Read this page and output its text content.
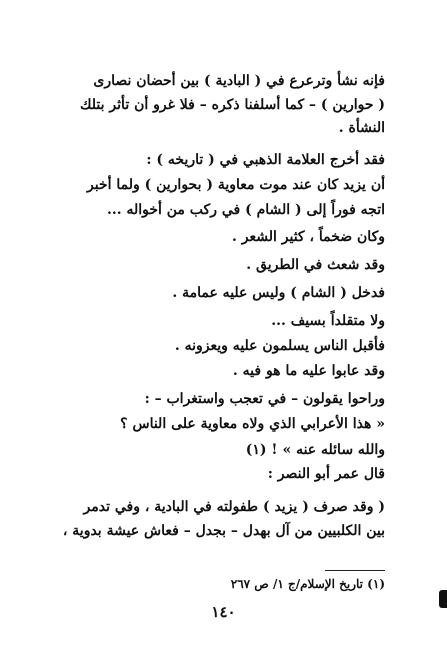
فإنه نشأ وترعرع في ( البادية ) بين أحضان نصارى
( حوارين ) – كما أسلفنا ذكره – فلا غرو أن تأثر بتلك
النشأة .
فقد أخرج العلامة الذهبي في ( تاريخه ) :
أن يزيد كان عند موت معاوية ( بحوارين ) ولما أخبر
اتجه فوراً إلى ( الشام ) في ركب من أخواله ...
وكان ضخماً ، كثير الشعر .
وقد شعث في الطريق .
فدخل ( الشام ) وليس عليه عمامة .
ولا متقلداً بسيف ...
فأقبل الناس يسلمون عليه ويعزونه .
وقد عابوا عليه ما هو فيه .
وراحوا يقولون – في تعجب واستغراب – :
« هذا الأعرابي الذي ولاه معاوية على الناس ؟
والله سائله عنه » ! (١)
قال عمر أبو النصر :
( وقد صرف ( يزيد ) طفولته في البادية ، وفي تدمر
بين الكلبيين من آل بهدل – بجدل – فعاش عيشة بدوية ،
(١) تاريخ الإسلام/ج ١/ ص ٢٦٧
١٤٠
